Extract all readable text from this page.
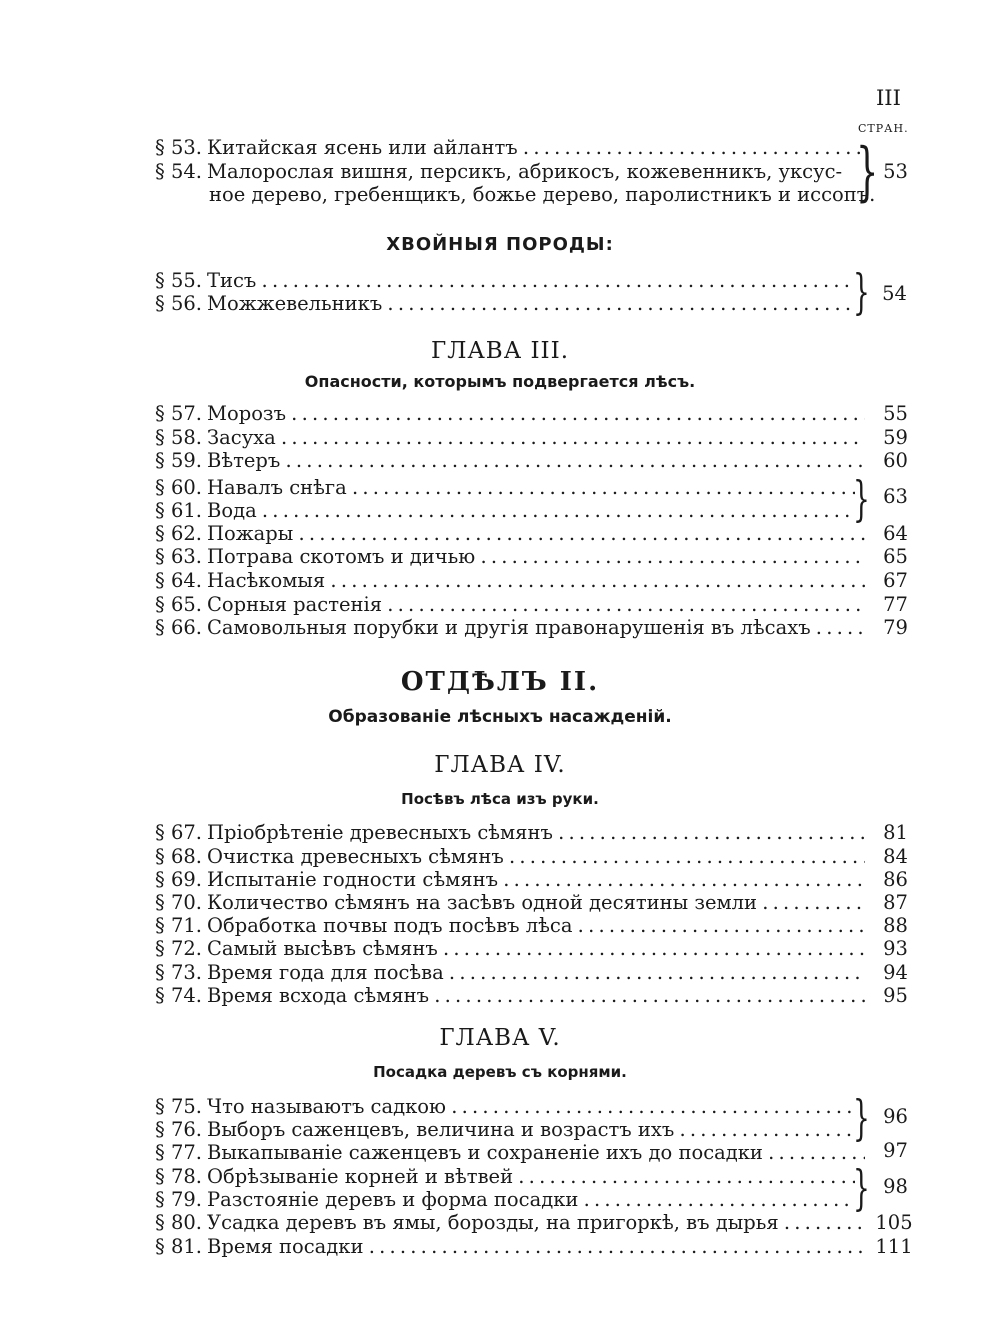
III
СТРАН.
§ 53. Китайская ясень или айлантъ . . .
§ 54. Малорослая вишня, персикъ, абрикосъ, кожевенникъ, уксус-
ное дерево, гребенщикъ, божье дерево, паролистникъ и иссопъ.
} 53
ХВОЙНЫЯ ПОРОДЫ:
§ 55. Тисъ . . .
§ 56. Можжевельникъ . . .	} 54
ГЛАВА III.
Опасности, которымъ подвергается лѣсъ.
§ 57. Морозъ . . .	55
§ 58. Засуха . . .	59
§ 59. Вѣтеръ . . .	60
§ 60. Навалъ снѣга . . .
§ 61. Вода . . .	} 63
§ 62. Пожары . . .	64
§ 63. Потрава скотомъ и дичью . . .	65
§ 64. Насѣкомыя . . .	67
§ 65. Сорныя растенія . . .	77
§ 66. Самовольныя порубки и другія правонарушенія въ лѣсахъ . . .	79
ОТДѢЛЪ II.
Образованіе лѣсныхъ насажденій.
ГЛАВА IV.
Посѣвъ лѣса изъ руки.
§ 67. Пріобрѣтеніе древесныхъ сѣмянъ . . .	81
§ 68. Очистка древесныхъ сѣмянъ . . .	84
§ 69. Испытаніе годности сѣмянъ . . .	86
§ 70. Количество сѣмянъ на засѣвъ одной десятины земли . . .	87
§ 71. Обработка почвы подъ посѣвъ лѣса . . .	88
§ 72. Самый высѣвъ сѣмянъ . . .	93
§ 73. Время года для посѣва . . .	94
§ 74. Время всхода сѣмянъ . . .	95
ГЛАВА V.
Посадка деревъ съ корнями.
§ 75. Что называютъ садкою . . .
§ 76. Выборъ саженцевъ, величина и возрастъ ихъ . . .	} 96
§ 77. Выкапываніе саженцевъ и сохраненіе ихъ до посадки . . .	97
§ 78. Обрѣзываніе корней и вѣтвей . . .
§ 79. Разстояніе деревъ и форма посадки . . .	} 98
§ 80. Усадка деревъ въ ямы, борозды, на пригоркѣ, въ дырья . . .	105
§ 81. Время посадки . . .	111
